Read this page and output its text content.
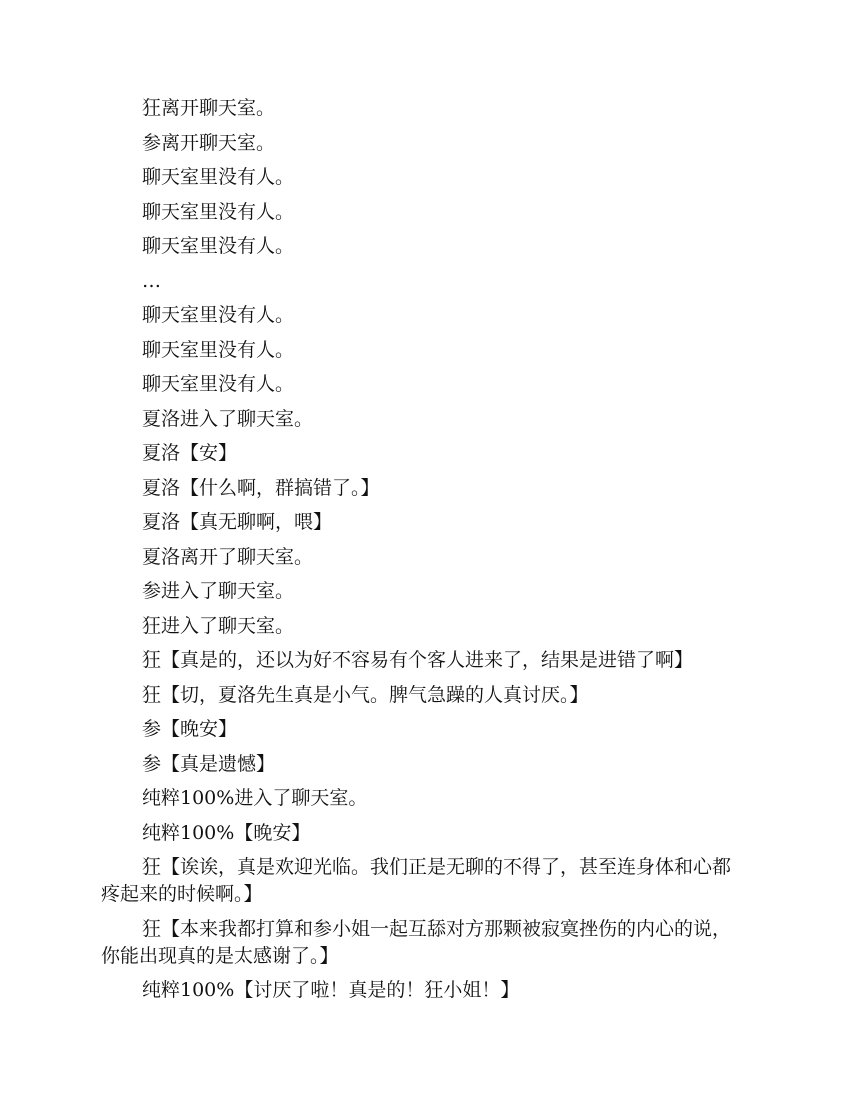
狂离开聊天室。

参离开聊天室。

聊天室里没有人。

聊天室里没有人。

聊天室里没有人。

…

聊天室里没有人。

聊天室里没有人。

聊天室里没有人。

夏洛进入了聊天室。

夏洛【安】

夏洛【什么啊，群搞错了。】

夏洛【真无聊啊，喂】

夏洛离开了聊天室。

参进入了聊天室。

狂进入了聊天室。

狂【真是的，还以为好不容易有个客人进来了，结果是进错了啊】

狂【切，夏洛先生真是小气。脾气急躁的人真讨厌。】

参【晚安】

参【真是遗憾】

纯粹100%进入了聊天室。

纯粹100%【晚安】

狂【诶诶，真是欢迎光临。我们正是无聊的不得了，甚至连身体和心都疼起来的时候啊。】

狂【本来我都打算和参小姐一起互舔对方那颗被寂寞挫伤的内心的说，你能出现真的是太感谢了。】

纯粹100%【讨厌了啦！真是的！狂小姐！】
